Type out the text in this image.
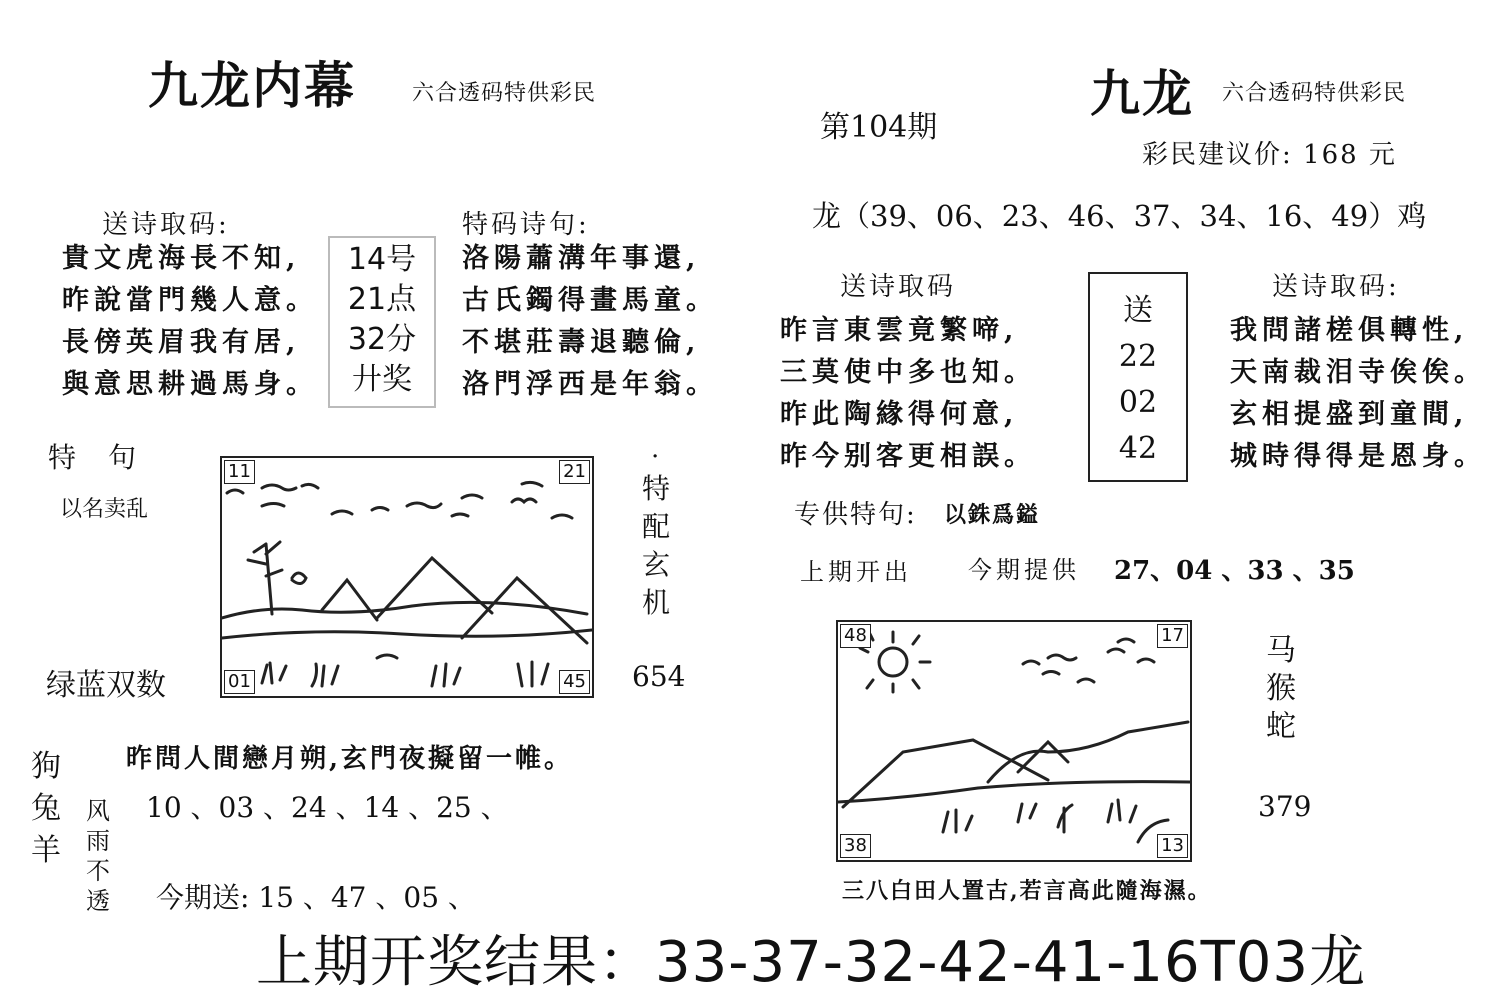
九龙内幕	六合透码特供彩民
送诗取码:
貴文虎海長不知,
昨說當門幾人意。
長傍英眉我有居,
與意思耕過馬身。
14号
21点
32分
廾奖
特码诗句:
洛陽蕭溝年事還,
古氏鐲得畫馬童。
不堪莊壽退聽倫,
洛門浮西是年翁。
特　句
以名卖乱
11	21
01	45
·
特配玄机
绿蓝双数	654
昨問人間戀月朔,玄門夜擬留一帷。
狗兔羊
风雨不透
10 、03 、24 、14 、25 、
今期送: 15 、47 、05 、
九龙 六合透码特供彩民
第104期
彩民建议价: 168 元
龙（39、06、23、46、37、34、16、49）鸡
送诗取码
昨言東雲竟繁啼,
三莫使中多也知。
昨此陶緣得何意,
昨今别客更相誤。
送
22
02
42
送诗取码:
我問諸槎俱轉性,
天南裁泪寺俟俟。
玄相提盛到童間,
城時得得是恩身。
专供特句: 以銖爲鎰
上期开出 今期提供 27、04 、33 、35
48	17
38	13
马猴蛇
379
三八白田人置古,若言高此隨海濕。
上期开奖结果：33-37-32-42-41-16T03龙
